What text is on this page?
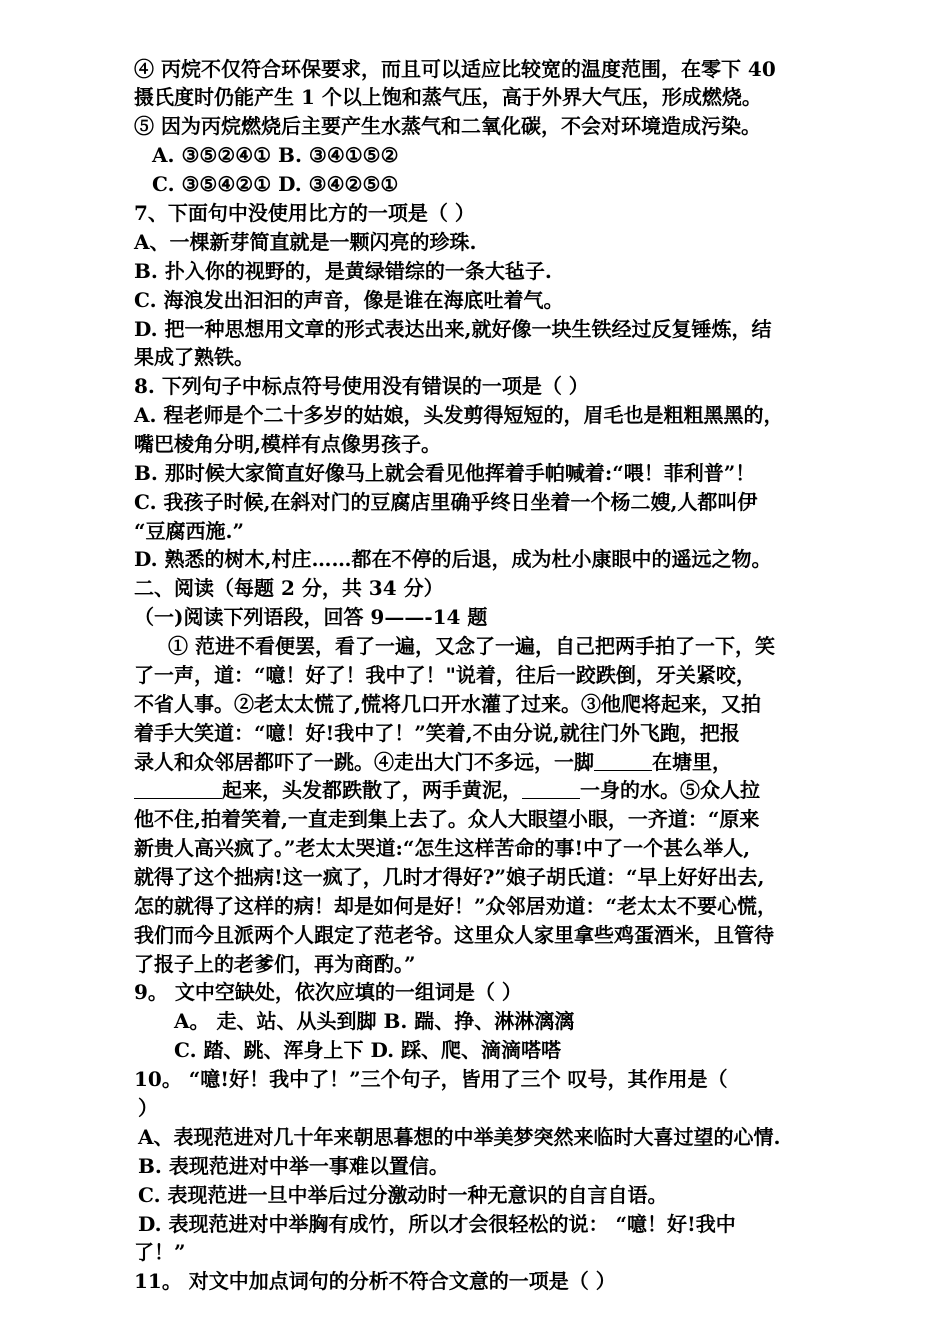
④ 丙烷不仅符合环保要求，而且可以适应比较宽的温度范围，在零下 40
摄氏度时仍能产生 1 个以上饱和蒸气压，高于外界大气压，形成燃烧。
⑤ 因为丙烷燃烧后主要产生水蒸气和二氧化碳，不会对环境造成污染。
A. ③⑤②④① B. ③④①⑤②
C. ③⑤④②① D. ③④②⑤①
7、下面句中没使用比方的一项是（ ）
A、一棵新芽简直就是一颗闪亮的珍珠.
B. 扑入你的视野的，是黄绿错综的一条大毡子.
C. 海浪发出汩汩的声音，像是谁在海底吐着气。
D. 把一种思想用文章的形式表达出来,就好像一块生铁经过反复锤炼，结
果成了熟铁。
8. 下列句子中标点符号使用没有错误的一项是（ ）
A. 程老师是个二十多岁的姑娘，头发剪得短短的，眉毛也是粗粗黑黑的，
嘴巴棱角分明,模样有点像男孩子。
B. 那时候大家简直好像马上就会看见他挥着手帕喊着:“喂！菲利普”！
C. 我孩子时候,在斜对门的豆腐店里确乎终日坐着一个杨二嫂,人都叫伊
“豆腐西施.”
D. 熟悉的树木,村庄……都在不停的后退，成为杜小康眼中的遥远之物。
二、阅读（每题 2 分，共 34 分）
（一)阅读下列语段，回答 9——-14 题
① 范进不看便罢，看了一遍，又念了一遍，自己把两手拍了一下，笑
了一声，道：“噫！好了！我中了！"说着，往后一跤跌倒，牙关紧咬，
不省人事。②老太太慌了,慌将几口开水灌了过来。③他爬将起来，又拍
着手大笑道：“噫！好!我中了！”笑着,不由分说,就往门外飞跑，把报
录人和众邻居都吓了一跳。④走出大门不多远，一脚	在塘里，
起来，头发都跌散了，两手黄泥，	一身的水。⑤众人拉
他不住,拍着笑着,一直走到集上去了。众人大眼望小眼，一齐道：“原来
新贵人高兴疯了。”老太太哭道:“怎生这样苦命的事!中了一个甚么举人,
就得了这个拙病!这一疯了，几时才得好?”娘子胡氏道：“早上好好出去,
怎的就得了这样的病！却是如何是好！”众邻居劝道：“老太太不要心慌，
我们而今且派两个人跟定了范老爷。这里众人家里拿些鸡蛋酒米，且管待
了报子上的老爹们，再为商酌。”
9。 文中空缺处，依次应填的一组词是（ ）
A。 走、站、从头到脚 B. 踹、挣、淋淋漓漓
C. 踏、跳、浑身上下 D. 踩、爬、滴滴嗒嗒
10。 “噫!好！我中了！”三个句子，皆用了三个 叹号，其作用是（
）
A、表现范进对几十年来朝思暮想的中举美梦突然来临时大喜过望的心情.
B. 表现范进对中举一事难以置信。
C. 表现范进一旦中举后过分激动时一种无意识的自言自语。
D. 表现范进对中举胸有成竹，所以才会很轻松的说： “噫！好!我中
了！”
11。 对文中加点词句的分析不符合文意的一项是（ ）
